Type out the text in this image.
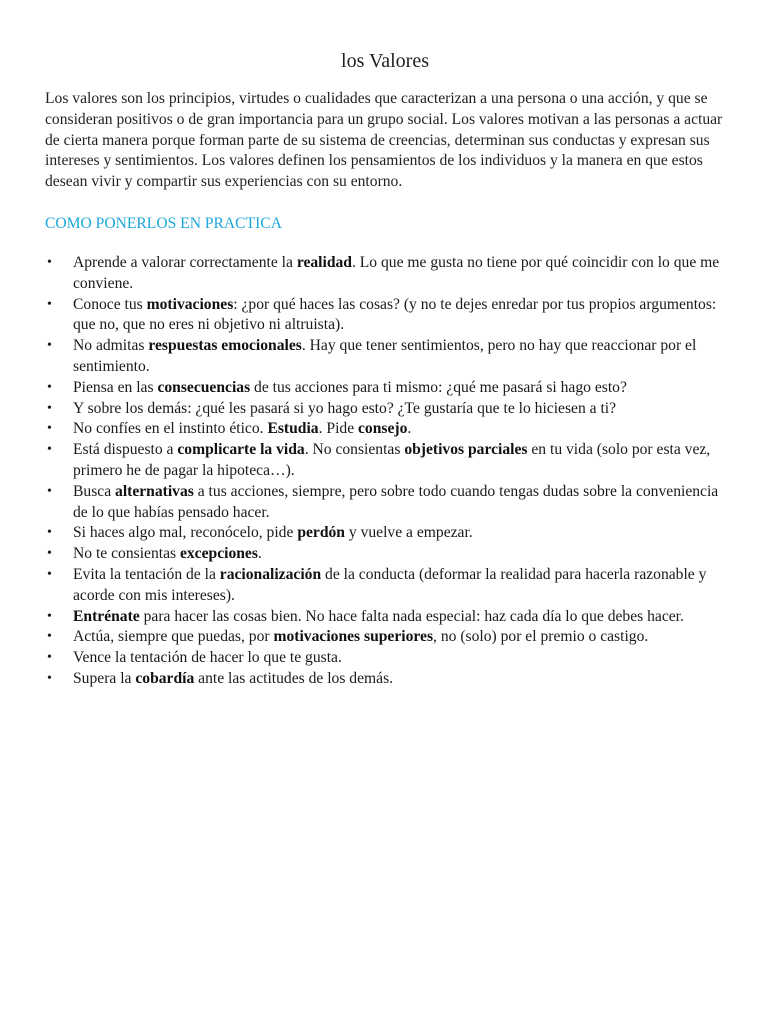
los Valores

Los valores son los principios, virtudes o cualidades que caracterizan a una persona o una acción, y que se consideran positivos o de gran importancia para un grupo social. Los valores motivan a las personas a actuar de cierta manera porque forman parte de su sistema de creencias, determinan sus conductas y expresan sus intereses y sentimientos. Los valores definen los pensamientos de los individuos y la manera en que estos desean vivir y compartir sus experiencias con su entorno.

COMO PONERLOS EN PRACTICA
• Aprende a valorar correctamente la realidad. Lo que me gusta no tiene por qué coincidir con lo que me conviene.
• Conoce tus motivaciones: ¿por qué haces las cosas? (y no te dejes enredar por tus propios argumentos: que no, que no eres ni objetivo ni altruista).
• No admitas respuestas emocionales. Hay que tener sentimientos, pero no hay que reaccionar por el sentimiento.
• Piensa en las consecuencias de tus acciones para ti mismo: ¿qué me pasará si hago esto?
• Y sobre los demás: ¿qué les pasará si yo hago esto? ¿Te gustaría que te lo hiciesen a ti?
• No confíes en el instinto ético. Estudia. Pide consejo.
• Está dispuesto a complicarte la vida. No consientas objetivos parciales en tu vida (solo por esta vez, primero he de pagar la hipoteca…).
• Busca alternativas a tus acciones, siempre, pero sobre todo cuando tengas dudas sobre la conveniencia de lo que habías pensado hacer.
• Si haces algo mal, reconócelo, pide perdón y vuelve a empezar.
• No te consientas excepciones.
• Evita la tentación de la racionalización de la conducta (deformar la realidad para hacerla razonable y acorde con mis intereses).
• Entrénate para hacer las cosas bien. No hace falta nada especial: haz cada día lo que debes hacer.
• Actúa, siempre que puedas, por motivaciones superiores, no (solo) por el premio o castigo.
• Vence la tentación de hacer lo que te gusta.
• Supera la cobardía ante las actitudes de los demás.
